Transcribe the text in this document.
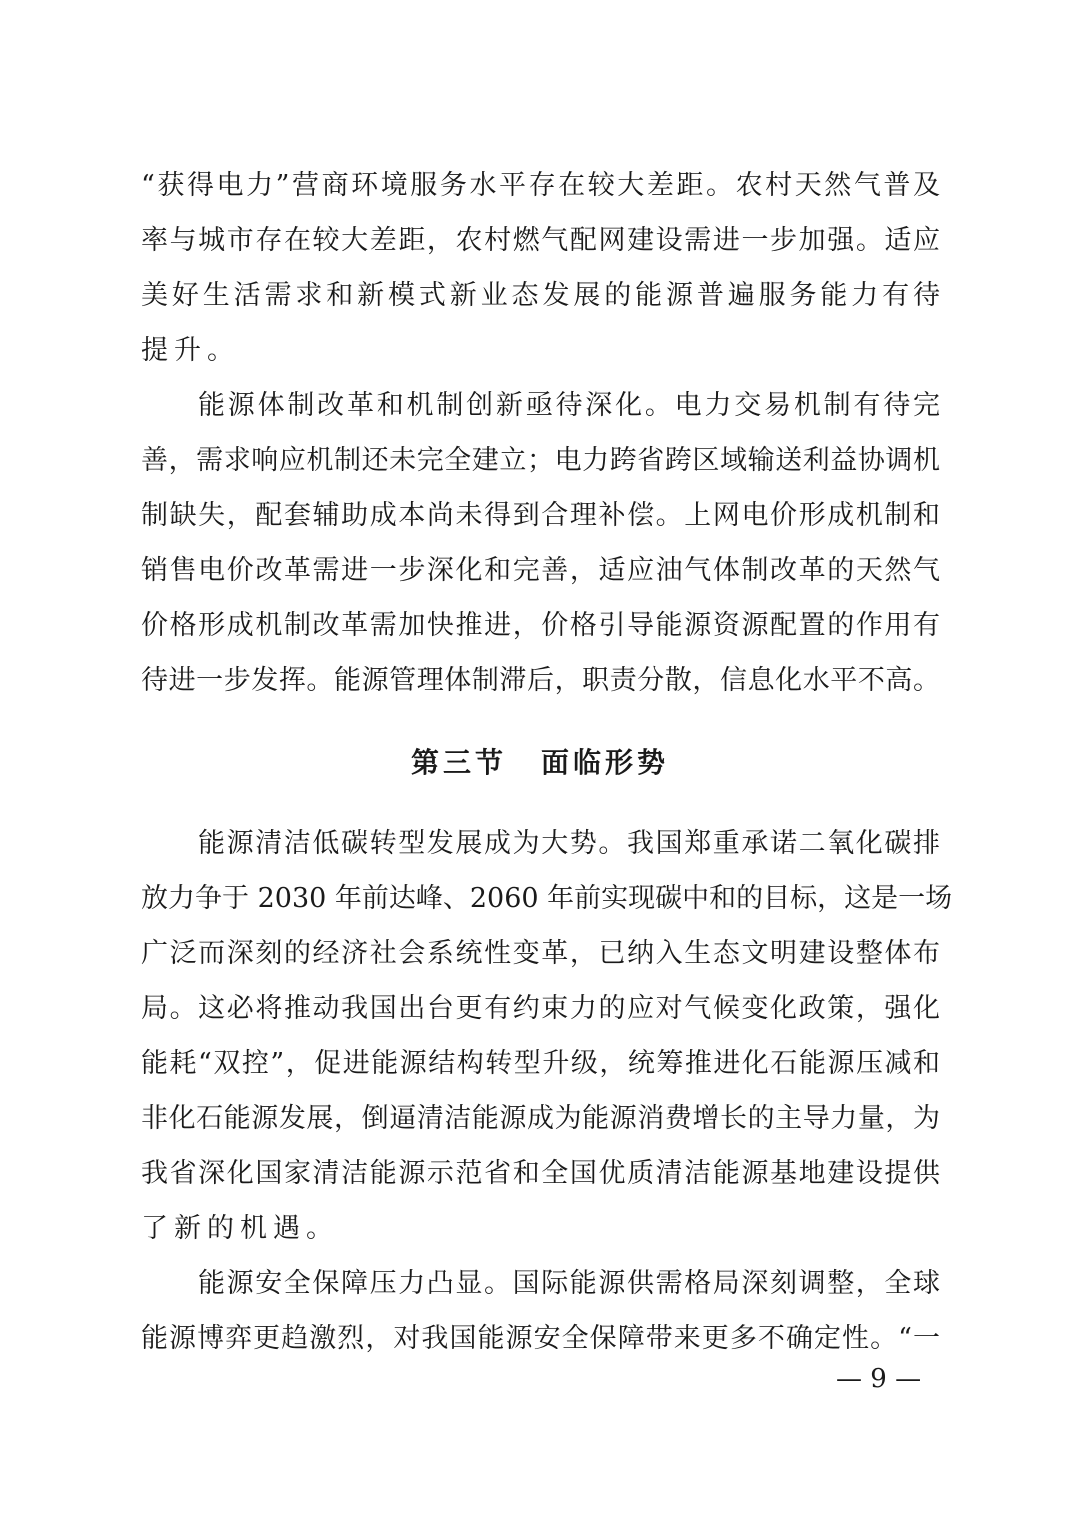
“获得电力”营商环境服务水平存在较大差距。农村天然气普及
率与城市存在较大差距，农村燃气配网建设需进一步加强。适应
美好生活需求和新模式新业态发展的能源普遍服务能力有待
提升。
能源体制改革和机制创新亟待深化。电力交易机制有待完
善，需求响应机制还未完全建立；电力跨省跨区域输送利益协调机
制缺失，配套辅助成本尚未得到合理补偿。上网电价形成机制和
销售电价改革需进一步深化和完善，适应油气体制改革的天然气
价格形成机制改革需加快推进，价格引导能源资源配置的作用有
待进一步发挥。能源管理体制滞后，职责分散，信息化水平不高。
第三节 面临形势
能源清洁低碳转型发展成为大势。我国郑重承诺二氧化碳排
放力争于 2030 年前达峰、2060 年前实现碳中和的目标，这是一场
广泛而深刻的经济社会系统性变革，已纳入生态文明建设整体布
局。这必将推动我国出台更有约束力的应对气候变化政策，强化
能耗“双控”，促进能源结构转型升级，统筹推进化石能源压减和
非化石能源发展，倒逼清洁能源成为能源消费增长的主导力量，为
我省深化国家清洁能源示范省和全国优质清洁能源基地建设提供
了新的机遇。
能源安全保障压力凸显。国际能源供需格局深刻调整，全球
能源博弈更趋激烈，对我国能源安全保障带来更多不确定性。“一
— 9 —
